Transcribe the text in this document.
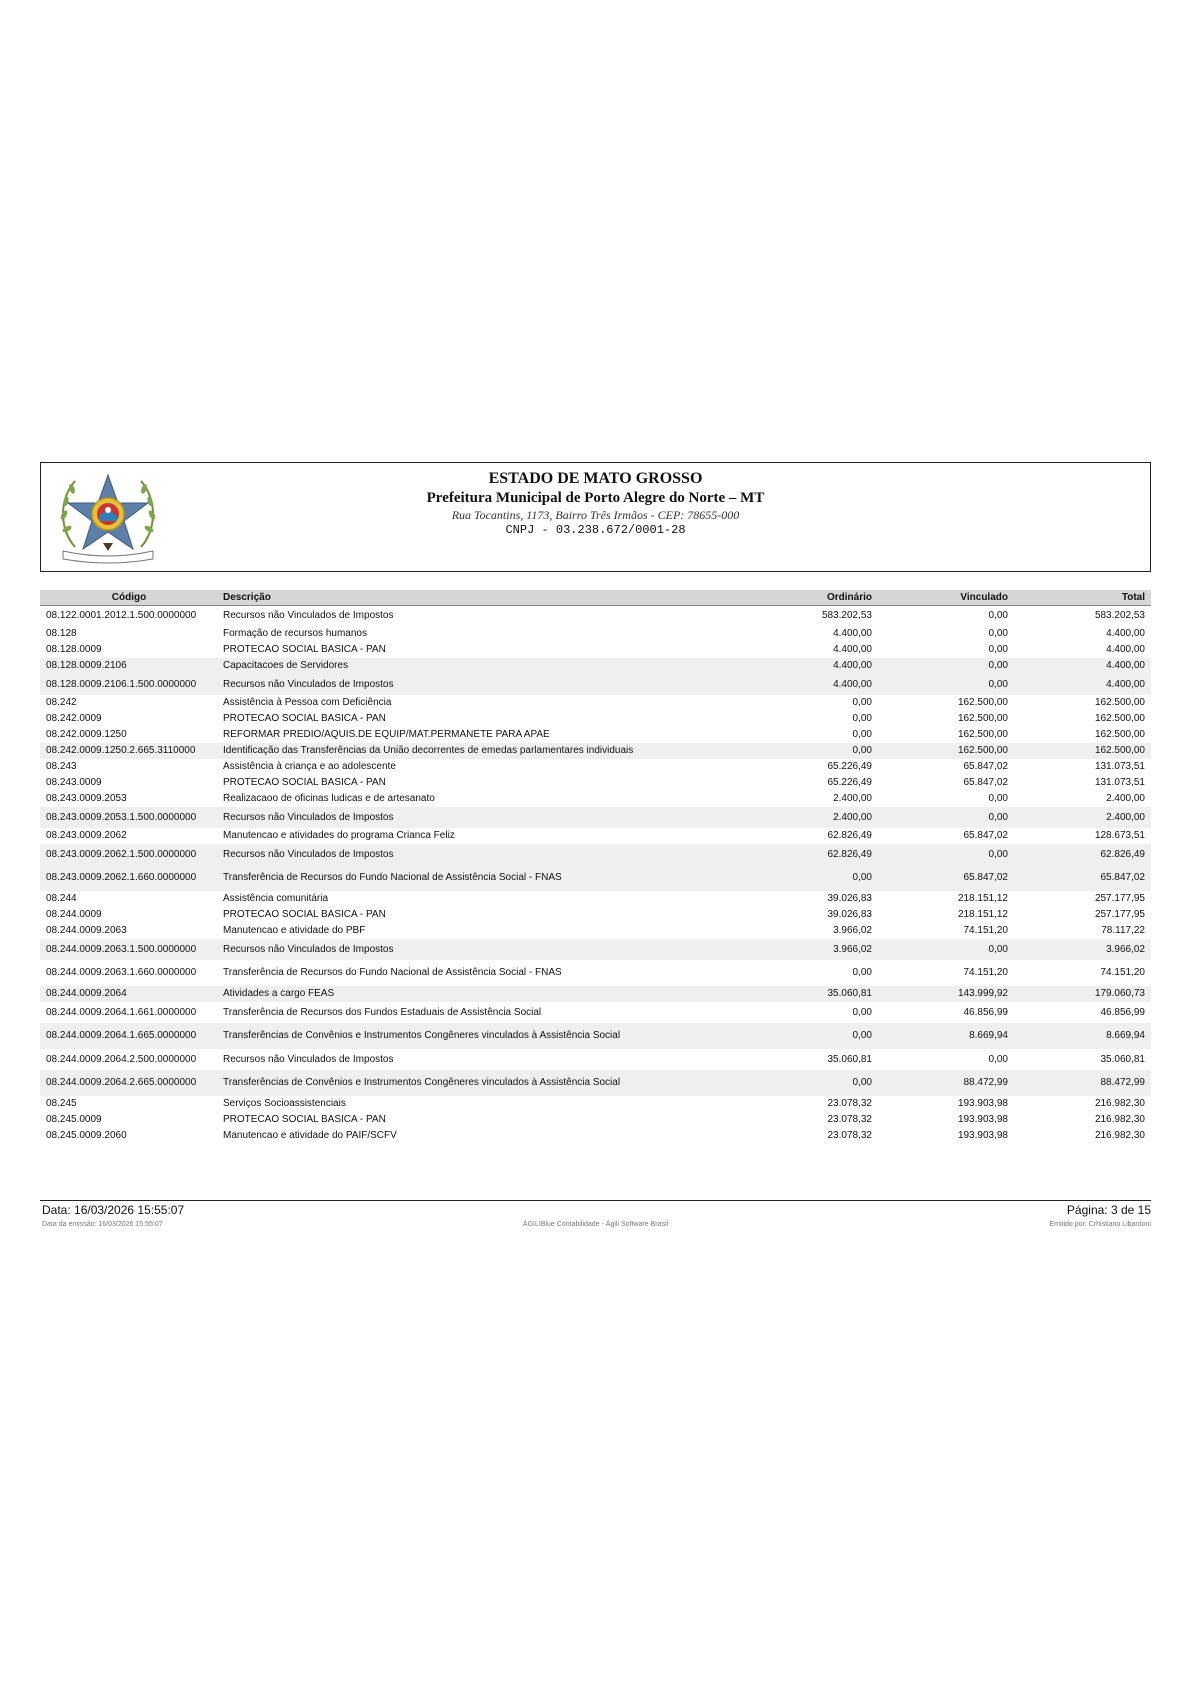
ESTADO DE MATO GROSSO
Prefeitura Municipal de Porto Alegre do Norte – MT
Rua Tocantins, 1173, Bairro Três Irmãos - CEP: 78655-000
CNPJ - 03.238.672/0001-28
Código	Descrição	Ordinário	Vinculado	Total
08.122.0001.2012.1.500.0000000	Recursos não Vinculados de Impostos	583.202,53	0,00	583.202,53
08.128	Formação de recursos humanos	4.400,00	0,00	4.400,00
08.128.0009	PROTECAO SOCIAL BASICA - PAN	4.400,00	0,00	4.400,00
08.128.0009.2106	Capacitacoes de Servidores	4.400,00	0,00	4.400,00
08.128.0009.2106.1.500.0000000	Recursos não Vinculados de Impostos	4.400,00	0,00	4.400,00
08.242	Assistência à Pessoa com Deficiência	0,00	162.500,00	162.500,00
08.242.0009	PROTECAO SOCIAL BASICA - PAN	0,00	162.500,00	162.500,00
08.242.0009.1250	REFORMAR PREDIO/AQUIS.DE EQUIP/MAT.PERMANETE PARA APAE	0,00	162.500,00	162.500,00
08.242.0009.1250.2.665.3110000	Identificação das Transferências da União decorrentes de emedas parlamentares individuais	0,00	162.500,00	162.500,00
08.243	Assistência à criança e ao adolescente	65.226,49	65.847,02	131.073,51
08.243.0009	PROTECAO SOCIAL BASICA - PAN	65.226,49	65.847,02	131.073,51
08.243.0009.2053	Realizacaoo de oficinas ludicas e de artesanato	2.400,00	0,00	2.400,00
08.243.0009.2053.1.500.0000000	Recursos não Vinculados de Impostos	2.400,00	0,00	2.400,00
08.243.0009.2062	Manutencao e atividades do programa Crianca Feliz	62.826,49	65.847,02	128.673,51
08.243.0009.2062.1.500.0000000	Recursos não Vinculados de Impostos	62.826,49	0,00	62.826,49
08.243.0009.2062.1.660.0000000	Transferência de Recursos do Fundo Nacional de Assistência Social - FNAS	0,00	65.847,02	65.847,02
08.244	Assistência comunitária	39.026,83	218.151,12	257.177,95
08.244.0009	PROTECAO SOCIAL BASICA - PAN	39.026,83	218.151,12	257.177,95
08.244.0009.2063	Manutencao e atividade do PBF	3.966,02	74.151,20	78.117,22
08.244.0009.2063.1.500.0000000	Recursos não Vinculados de Impostos	3.966,02	0,00	3.966,02
08.244.0009.2063.1.660.0000000	Transferência de Recursos do Fundo Nacional de Assistência Social - FNAS	0,00	74.151,20	74.151,20
08.244.0009.2064	Atividades a cargo FEAS	35.060,81	143.999,92	179.060,73
08.244.0009.2064.1.661.0000000	Transferência de Recursos dos Fundos Estaduais de Assistência Social	0,00	46.856,99	46.856,99
08.244.0009.2064.1.665.0000000	Transferências de Convênios e Instrumentos Congêneres vinculados à Assistência Social	0,00	8.669,94	8.669,94
08.244.0009.2064.2.500.0000000	Recursos não Vinculados de Impostos	35.060,81	0,00	35.060,81
08.244.0009.2064.2.665.0000000	Transferências de Convênios e Instrumentos Congêneres vinculados à Assistência Social	0,00	88.472,99	88.472,99
08.245	Serviços Socioassistenciais	23.078,32	193.903,98	216.982,30
08.245.0009	PROTECAO SOCIAL BASICA - PAN	23.078,32	193.903,98	216.982,30
08.245.0009.2060	Manutencao e atividade do PAIF/SCFV	23.078,32	193.903,98	216.982,30
Data: 16/03/2026 15:55:07	Página: 3 de 15
Data da emissão: 16/03/2026 15:55:07	ÁGILIBlue Contabilidade - Ágili Software Brasil	Emitido por: Crhistiano Libardoni
